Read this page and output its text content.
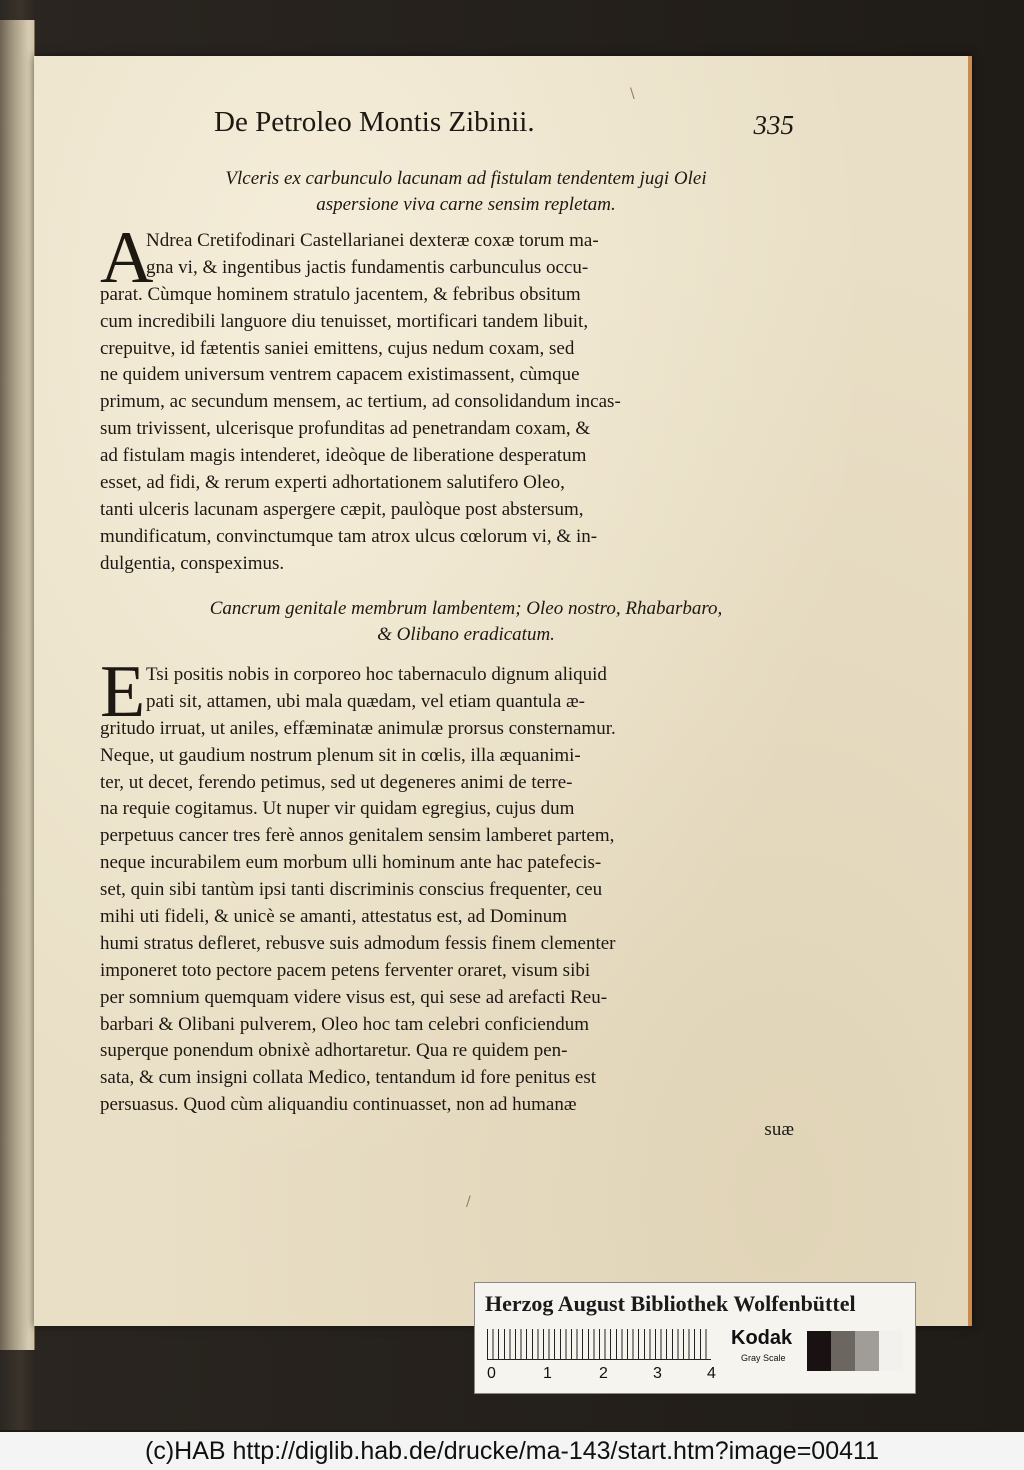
De Petroleo Montis Zibinii.	335
Vlceris ex carbunculo lacunam ad fistulam tendentem jugi Olei
aspersione viva carne sensim repletam.
A
Ndrea Cretifodinari Castellarianei dexteræ coxæ torum ma-
gna vi, & ingentibus jactis fundamentis carbunculus occu-
parat. Cùmque hominem stratulo jacentem, & febribus obsitum
cum incredibili languore diu tenuisset, mortificari tandem libuit,
crepuitve, id fætentis saniei emittens, cujus nedum coxam, sed
ne quidem universum ventrem capacem existimassent, cùmque
primum, ac secundum mensem, ac tertium, ad consolidandum incas-
sum trivissent, ulcerisque profunditas ad penetrandam coxam, &
ad fistulam magis intenderet, ideòque de liberatione desperatum
esset, ad fidi, & rerum experti adhortationem salutifero Oleo,
tanti ulceris lacunam aspergere cæpit, paulòque post abstersum,
mundificatum, convinctumque tam atrox ulcus cœlorum vi, & in-
dulgentia, conspeximus.
Cancrum genitale membrum lambentem; Oleo nostro, Rhabarbaro,
& Olibano eradicatum.
E Tsi positis nobis in corporeo hoc tabernaculo dignum aliquid
pati sit, attamen, ubi mala quædam, vel etiam quantula æ-
gritudo irruat, ut aniles, effæminatæ animulæ prorsus consternamur.
Neque, ut gaudium nostrum plenum sit in cœlis, illa æquanimi-
ter, ut decet, ferendo petimus, sed ut degeneres animi de terre-
na requie cogitamus. Ut nuper vir quidam egregius, cujus dum
perpetuus cancer tres ferè annos genitalem sensim lamberet partem,
neque incurabilem eum morbum ulli hominum ante hac patefecis-
set, quin sibi tantùm ipsi tanti discriminis conscius frequenter, ceu
mihi uti fideli, & unicè se amanti, attestatus est, ad Dominum
humi stratus defleret, rebusve suis admodum fessis finem clementer
imponeret toto pectore pacem petens ferventer oraret, visum sibi
per somnium quemquam videre visus est, qui sese ad arefacti Reu-
barbari & Olibani pulverem, Oleo hoc tam celebri conficiendum
superque ponendum obnixè adhortaretur. Qua re quidem pen-
sata, & cum insigni collata Medico, tentandum id fore penitus est
persuasus. Quod cùm aliquandiu continuasset, non ad humanæ
suæ
\
/
Herzog August Bibliothek Wolfenbüttel
0	1	2	3	4
Kodak
Gray Scale
(c)HAB http://diglib.hab.de/drucke/ma-143/start.htm?image=00411
